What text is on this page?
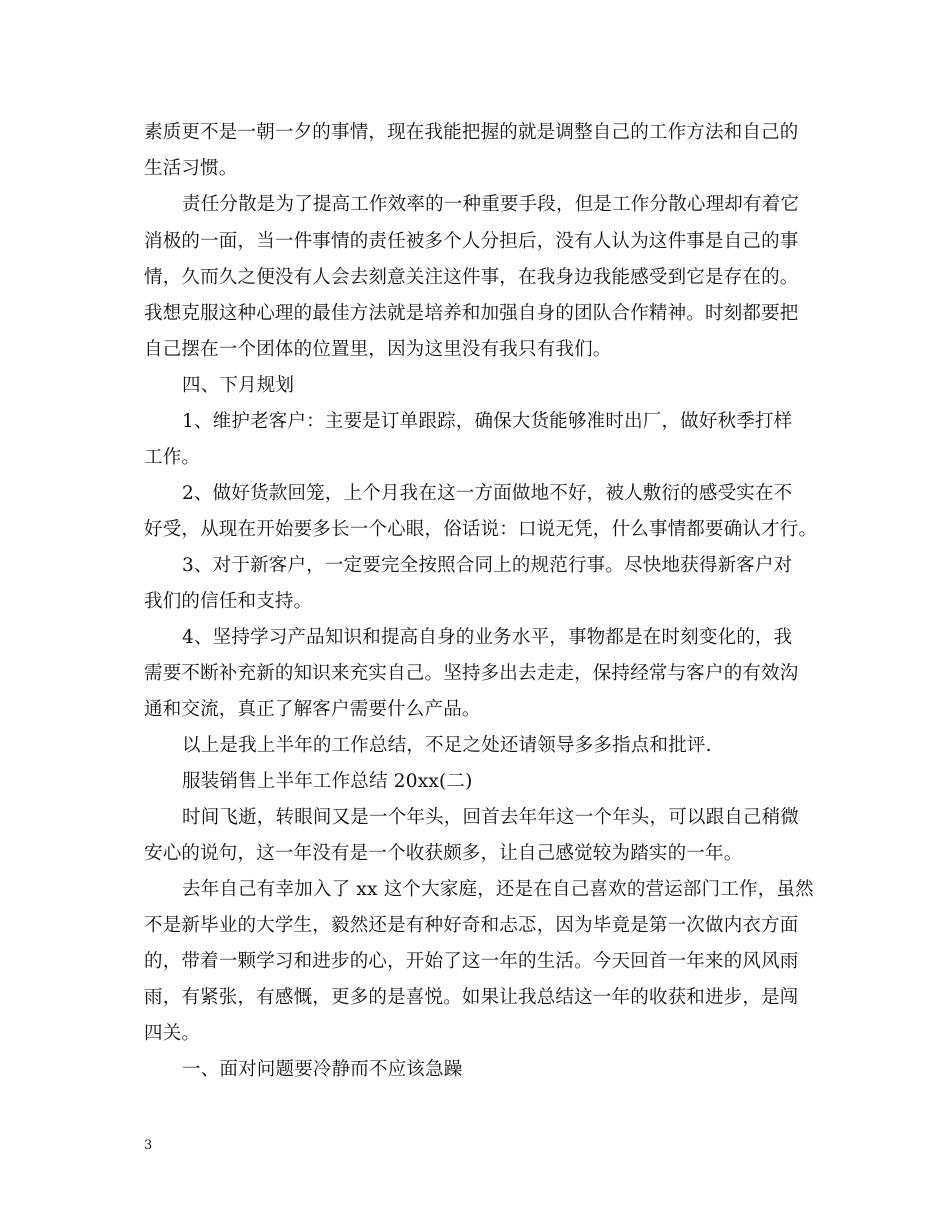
素质更不是一朝一夕的事情，现在我能把握的就是调整自己的工作方法和自己的
生活习惯。
责任分散是为了提高工作效率的一种重要手段，但是工作分散心理却有着它
消极的一面，当一件事情的责任被多个人分担后，没有人认为这件事是自己的事
情，久而久之便没有人会去刻意关注这件事，在我身边我能感受到它是存在的。
我想克服这种心理的最佳方法就是培养和加强自身的团队合作精神。时刻都要把
自己摆在一个团体的位置里，因为这里没有我只有我们。
四、下月规划
1、维护老客户：主要是订单跟踪，确保大货能够准时出厂，做好秋季打样
工作。
2、做好货款回笼，上个月我在这一方面做地不好，被人敷衍的感受实在不
好受，从现在开始要多长一个心眼，俗话说：口说无凭，什么事情都要确认才行。
3、对于新客户，一定要完全按照合同上的规范行事。尽快地获得新客户对
我们的信任和支持。
4、坚持学习产品知识和提高自身的业务水平，事物都是在时刻变化的，我
需要不断补充新的知识来充实自己。坚持多出去走走，保持经常与客户的有效沟
通和交流，真正了解客户需要什么产品。
以上是我上半年的工作总结，不足之处还请领导多多指点和批评.
服装销售上半年工作总结 20xx(二)
时间飞逝，转眼间又是一个年头，回首去年年这一个年头，可以跟自己稍微
安心的说句，这一年没有是一个收获颇多，让自己感觉较为踏实的一年。
去年自己有幸加入了 xx 这个大家庭，还是在自己喜欢的营运部门工作，虽然
不是新毕业的大学生，毅然还是有种好奇和忐忑，因为毕竟是第一次做内衣方面
的，带着一颗学习和进步的心，开始了这一年的生活。今天回首一年来的风风雨
雨，有紧张，有感慨，更多的是喜悦。如果让我总结这一年的收获和进步，是闯
四关。
一、面对问题要冷静而不应该急躁
3
